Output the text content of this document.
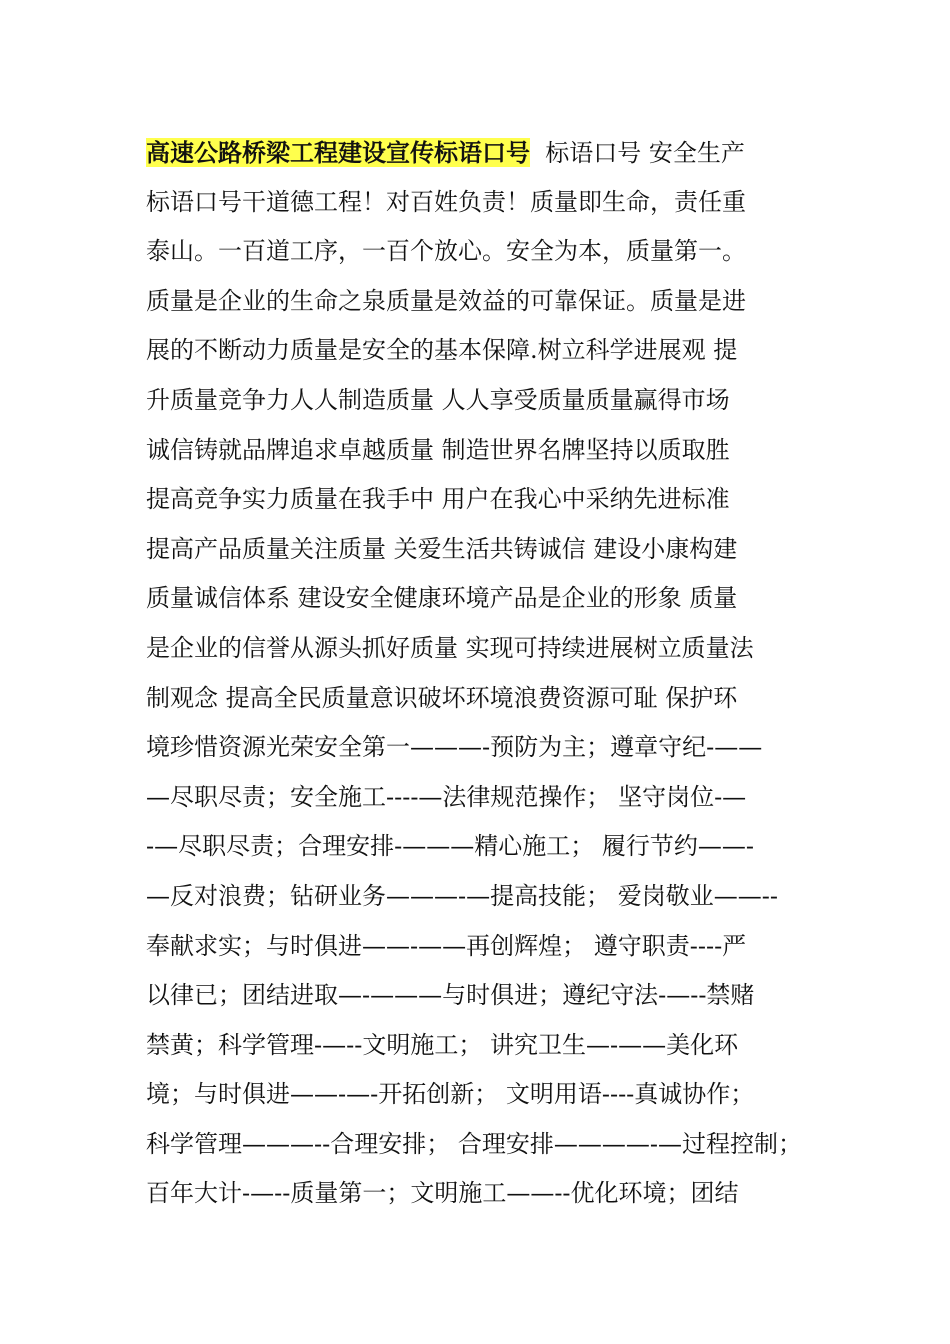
高速公路桥梁工程建设宣传标语口号  标语口号 安全生产
标语口号干道德工程！对百姓负责！质量即生命，责任重
泰山。一百道工序，一百个放心。安全为本，质量第一。
质量是企业的生命之泉质量是效益的可靠保证。质量是进
展的不断动力质量是安全的基本保障.树立科学进展观 提
升质量竞争力人人制造质量 人人享受质量质量赢得市场
诚信铸就品牌追求卓越质量 制造世界名牌坚持以质取胜
提高竞争实力质量在我手中 用户在我心中采纳先进标准
提高产品质量关注质量 关爱生活共铸诚信 建设小康构建
质量诚信体系 建设安全健康环境产品是企业的形象 质量
是企业的信誉从源头抓好质量 实现可持续进展树立质量法
制观念 提高全民质量意识破坏环境浪费资源可耻 保护环
境珍惜资源光荣安全第一———-预防为主；遵章守纪-——
—尽职尽责；安全施工----—法律规范操作； 坚守岗位-—
-—尽职尽责；合理安排-———精心施工； 履行节约——-
—反对浪费；钻研业务———-—提高技能； 爱岗敬业——--
奉献求实；与时俱进——-——再创辉煌； 遵守职责----严
以律已；团结进取—-———与时俱进；遵纪守法-—--禁赌
禁黄；科学管理-—--文明施工； 讲究卫生—-——美化环
境；与时俱进——-—-开拓创新； 文明用语----真诚协作；
科学管理———--合理安排； 合理安排————-—过程控制；
百年大计-—--质量第一；文明施工——--优化环境；团结
